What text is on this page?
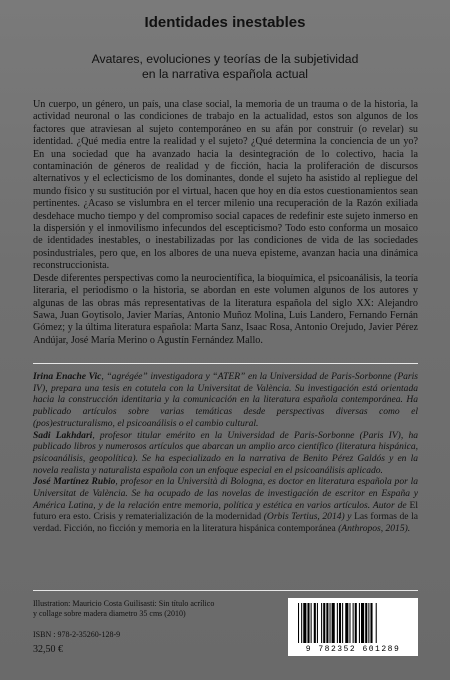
Identidades inestables
Avatares, evoluciones y teorías de la subjetividad
en la narrativa española actual

Un cuerpo, un género, un país, una clase social, la memoria de un trauma o de la historia, la actividad neuronal o las condiciones de trabajo en la actualidad, estos son algunos de los factores que atraviesan al sujeto contemporáneo en su afán por construir (o revelar) su identidad. ¿Qué media entre la realidad y el sujeto? ¿Qué determina la conciencia de un yo? En una sociedad que ha avanzado hacia la desintegración de lo colectivo, hacia la contaminación de géneros de realidad y de ficción, hacia la proliferación de discursos alternativos y el eclecticismo de los dominantes, donde el sujeto ha asistido al repliegue del mundo físico y su sustitución por el virtual, hacen que hoy en día estos cuestionamientos sean pertinentes. ¿Acaso se vislumbra en el tercer milenio una recuperación de la Razón exiliada desdehace mucho tiempo y del compromiso social capaces de redefinir este sujeto inmerso en la dispersión y el inmovilismo infecundos del escepticismo? Todo esto conforma un mosaico de identidades inestables, o inestabilizadas por las condiciones de vida de las sociedades posindustriales, pero que, en los albores de una nueva episteme, avanzan hacia una dinámica reconstruccionista.

Desde diferentes perspectivas como la neurocientífica, la bioquímica, el psicoanálisis, la teoría literaria, el periodismo o la historia, se abordan en este volumen algunos de los autores y algunas de las obras más representativas de la literatura española del siglo XX: Alejandro Sawa, Juan Goytisolo, Javier Marías, Antonio Muñoz Molina, Luis Landero, Fernando Fernán Gómez; y la última literatura española: Marta Sanz, Isaac Rosa, Antonio Orejudo, Javier Pérez Andújar, José María Merino o Agustín Fernández Mallo.

Irina Enache Vic, “agrégée” investigadora y “ATER” en la Universidad de Paris-Sorbonne (Paris IV), prepara una tesis en cotutela con la Universitat de València. Su investigación está orientada hacia la construcción identitaria y la comunicación en la literatura española contemporánea. Ha publicado artículos sobre varias temáticas desde perspectivas diversas como el (pos)estructuralismo, el psicoanálisis o el cambio cultural.

Sadi Lakhdari, profesor titular emérito en la Universidad de Paris-Sorbonne (Paris IV), ha publicado libros y numerosos artículos que abarcan un amplio arco científico (literatura hispánica, psicoanálisis, geopolítica). Se ha especializado en la narrativa de Benito Pérez Galdós y en la novela realista y naturalista española con un enfoque especial en el psicoanálisis aplicado.

José Martínez Rubio, profesor en la Università di Bologna, es doctor en literatura española por la Universitat de València. Se ha ocupado de las novelas de investigación de escritor en España y América Latina, y de la relación entre memoria, política y estética en varios artículos. Autor de El futuro era esto. Crisis y rematerialización de la modernidad (Orbis Tertius, 2014) y Las formas de la verdad. Ficción, no ficción y memoria en la literatura hispánica contemporánea (Anthropos, 2015).

Illustration: Mauricio Costa Guilisasti: Sin título acrílico
y collage sobre madera diametro 35 cms (2010)
ISBN : 978-2-35260-128-9
32,50 €	9 782352 601289
